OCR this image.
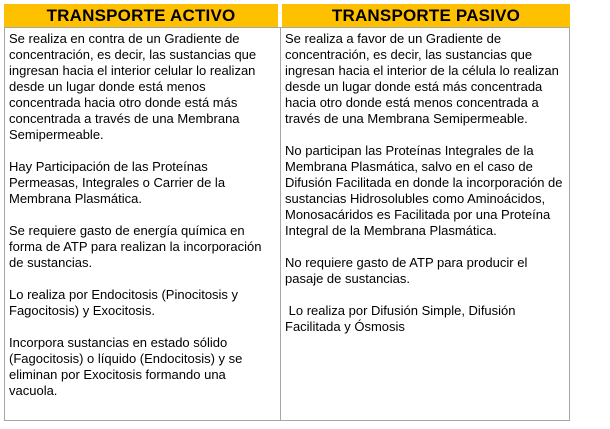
TRANSPORTE ACTIVO	TRANSPORTE PASIVO

Se realiza en contra de un Gradiente de concentración, es decir, las sustancias que ingresan hacia el interior celular lo realizan desde un lugar donde está menos concentrada hacia otro donde está más concentrada a través de una Membrana Semipermeable.

Hay Participación de las Proteínas Permeasas, Integrales o Carrier de la Membrana Plasmática.

Se requiere gasto de energía química en forma de ATP para realizan la incorporación de sustancias.

Lo realiza por Endocitosis (Pinocitosis y Fagocitosis) y Exocitosis.

Incorpora sustancias en estado sólido (Fagocitosis) o líquido (Endocitosis) y se eliminan por Exocitosis formando una vacuola.

Se realiza a favor de un Gradiente de concentración, es decir, las sustancias que ingresan hacia el interior de la célula lo realizan desde un lugar donde está más concentrada hacia otro donde está menos concentrada a través de una Membrana Semipermeable.

No participan las Proteínas Integrales de la Membrana Plasmática, salvo en el caso de Difusión Facilitada en donde la incorporación de sustancias Hidrosolubles como Aminoácidos, Monosacáridos es Facilitada por una Proteína Integral de la Membrana Plasmática.

No requiere gasto de ATP para producir el pasaje de sustancias.

Lo realiza por Difusión Simple, Difusión Facilitada y Ósmosis
